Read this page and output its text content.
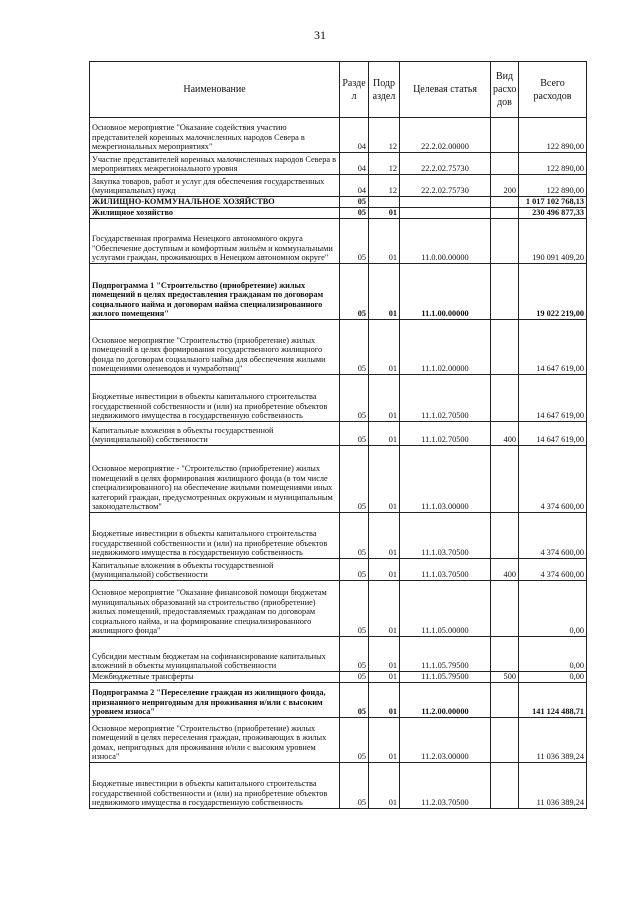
31
Наименование	Разде л	Подр аздел	Целевая статья	Вид расхо дов	Всего расходов
Основное мероприятие "Оказание содействия участию представителей коренных малочисленных народов Севера в межрегиональных мероприятиях"	04	12	22.2.02.00000		122 890,00
Участие представителей коренных малочисленных народов Севера в мероприятиях межрегионального уровня	04	12	22.2.02.75730		122 890,00
Закупка товаров, работ и услуг для обеспечения государственных (муниципальных) нужд	04	12	22.2.02.75730	200	122 890,00
ЖИЛИЩНО-КОММУНАЛЬНОЕ ХОЗЯЙСТВО	05				1 017 102 768,13
Жилищное хозяйство	05	01			230 496 877,33
Государственная программа Ненецкого автономного округа "Обеспечение доступным и комфортным жильём и коммунальными услугами граждан, проживающих в Ненецком автономном округе"	05	01	11.0.00.00000		190 091 409,20
Подпрограмма 1 "Строительство (приобретение) жилых помещений в целях предоставления гражданам по договорам социального найма и договорам найма специализированного жилого помещения"	05	01	11.1.00.00000		19 022 219,00
Основное мероприятие "Строительство (приобретение) жилых помещений в целях формирования государственного жилищного фонда по договорам социального найма для обеспечения жилыми помещениями оленеводов и чумработниц"	05	01	11.1.02.00000		14 647 619,00
Бюджетные инвестиции в объекты капитального строительства государственной собственности и (или) на приобретение объектов недвижимого имущества в государственную собственность	05	01	11.1.02.70500		14 647 619,00
Капитальные вложения в объекты государственной (муниципальной) собственности	05	01	11.1.02.70500	400	14 647 619,00
Основное мероприятие - "Строительство (приобретение) жилых помещений в целях формирования жилищного фонда (в том числе специализированного) на обеспечение жилыми помещениями иных категорий граждан, предусмотренных окружным и муниципальным законодательством"	05	01	11.1.03.00000		4 374 600,00
Бюджетные инвестиции в объекты капитального строительства государственной собственности и (или) на приобретение объектов недвижимого имущества в государственную собственность	05	01	11.1.03.70500		4 374 600,00
Капитальные вложения в объекты государственной (муниципальной) собственности	05	01	11.1.03.70500	400	4 374 600,00
Основное мероприятие "Оказание финансовой помощи бюджетам муниципальных образований на строительство (приобретение) жилых помещений, предоставляемых гражданам по договорам социального найма, и на формирование специализированного жилищного фонда"	05	01	11.1.05.00000		0,00
Субсидии местным бюджетам на софинансирование капитальных вложений в объекты муниципальной собственности	05	01	11.1.05.79500		0,00
Межбюджетные трансферты	05	01	11.1.05.79500	500	0,00
Подпрограмма 2 "Переселение граждан из жилищного фонда, признанного непригодным для проживания и/или с высоким уровнем износа"	05	01	11.2.00.00000		141 124 488,71
Основное мероприятие "Строительство (приобретение) жилых помещений в целях переселения граждан, проживающих в жилых домах, непригодных для проживания и/или с высоким уровнем износа"	05	01	11.2.03.00000		11 036 389,24
Бюджетные инвестиции в объекты капитального строительства государственной собственности и (или) на приобретение объектов недвижимого имущества в государственную собственность	05	01	11.2.03.70500		11 036 389,24
